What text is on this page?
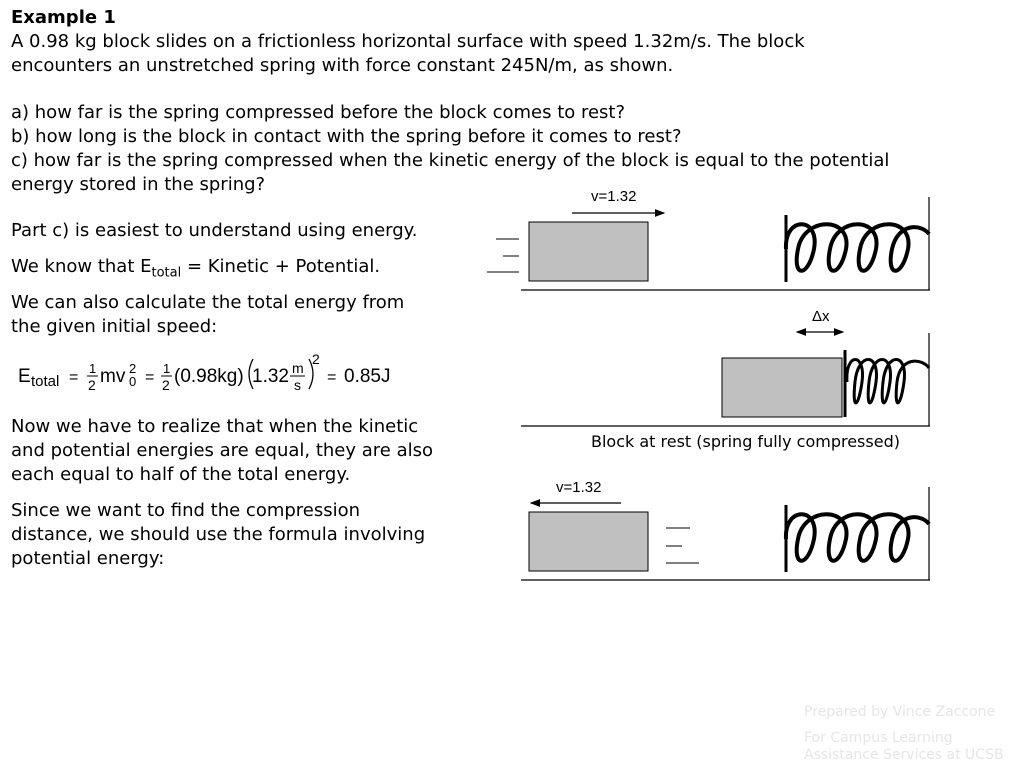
Example 1

A 0.98 kg block slides on a frictionless horizontal surface with speed 1.32m/s. The block

encounters an unstretched spring with force constant 245N/m, as shown.

a) how far is the spring compressed before the block comes to rest?

b) how long is the block in contact with the spring before it comes to rest?

c) how far is the spring compressed when the kinetic energy of the block is equal to the potential

energy stored in the spring?

Part c) is easiest to understand using energy.

We know that $E_{total}$ = Kinetic + Potential.

We can also calculate the total energy from

the given initial speed:

E total =
1
2 mv 2
0 =
1
2 (0.98kg) 1.32 m
s
2
= 0.85J

Now we have to realize that when the kinetic

and potential energies are equal, they are also

each equal to half of the total energy.

Since we want to find the compression

distance, we should use the formula involving

potential energy:

v=1.32
Δx
v=1.32
Block at rest (spring fully compressed)
Prepared by Vince Zaccone
For Campus Learning
Assistance Services at UCSB
